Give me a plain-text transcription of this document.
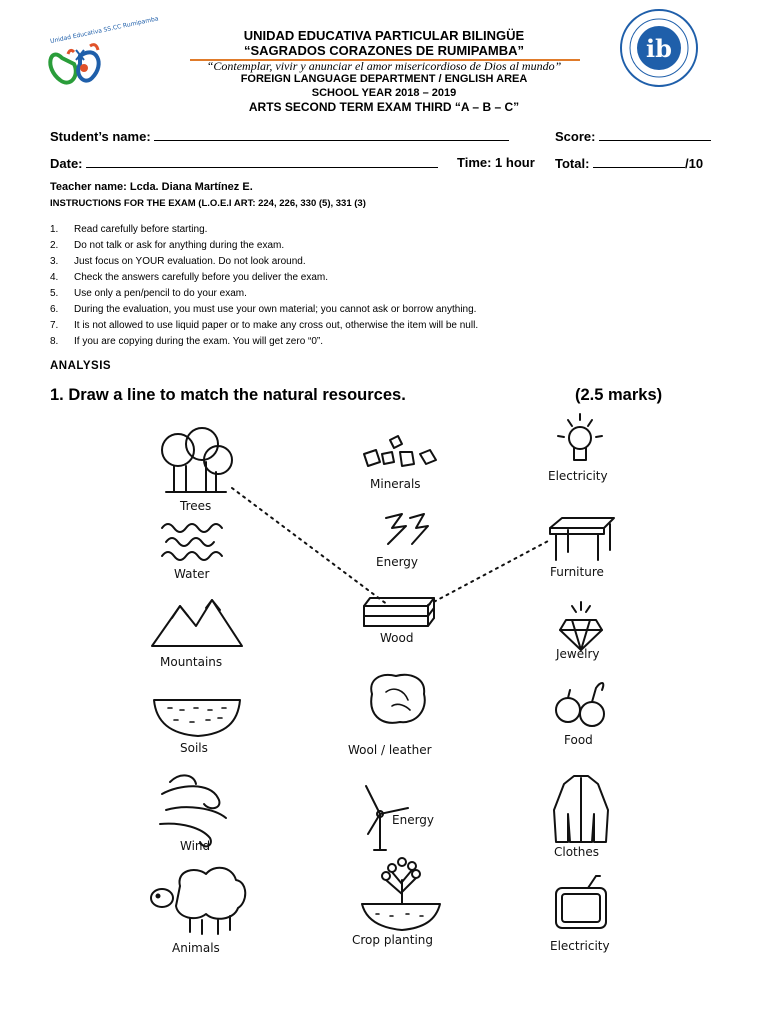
Unidad Educativa SS.CC Rumipamba
ib
UNIDAD EDUCATIVA PARTICULAR BILINGÜE
“SAGRADOS CORAZONES DE RUMIPAMBA”
“Contemplar, vivir y anunciar el amor misericordioso de Dios al mundo”
FOREIGN LANGUAGE DEPARTMENT / ENGLISH AREA
SCHOOL YEAR 2018 – 2019
ARTS SECOND TERM EXAM THIRD “A – B – C”
Student’s name:	Score:
Date:	Time: 1 hour Total:	/10
Teacher name: Lcda. Diana Martínez E.
INSTRUCTIONS FOR THE EXAM (L.O.E.I ART: 224, 226, 330 (5), 331 (3)
1. Read carefully before starting.
2. Do not talk or ask for anything during the exam.
3. Just focus on YOUR evaluation. Do not look around.
4. Check the answers carefully before you deliver the exam.
5. Use only a pen/pencil to do your exam.
6. During the evaluation, you must use your own material; you cannot ask or borrow anything.
7. It is not allowed to use liquid paper or to make any cross out, otherwise the item will be null.
8. If you are copying during the exam. You will get zero “0”.
ANALYSIS
1. Draw a line to match the natural resources.	(2.5 marks)
Trees
Water
Mountains
Soils
Wind
Animals
Minerals
Energy
Wood
Wool / leather
Energy
Crop planting
Electricity
Furniture
Jewelry
Food
Clothes
Electricity
